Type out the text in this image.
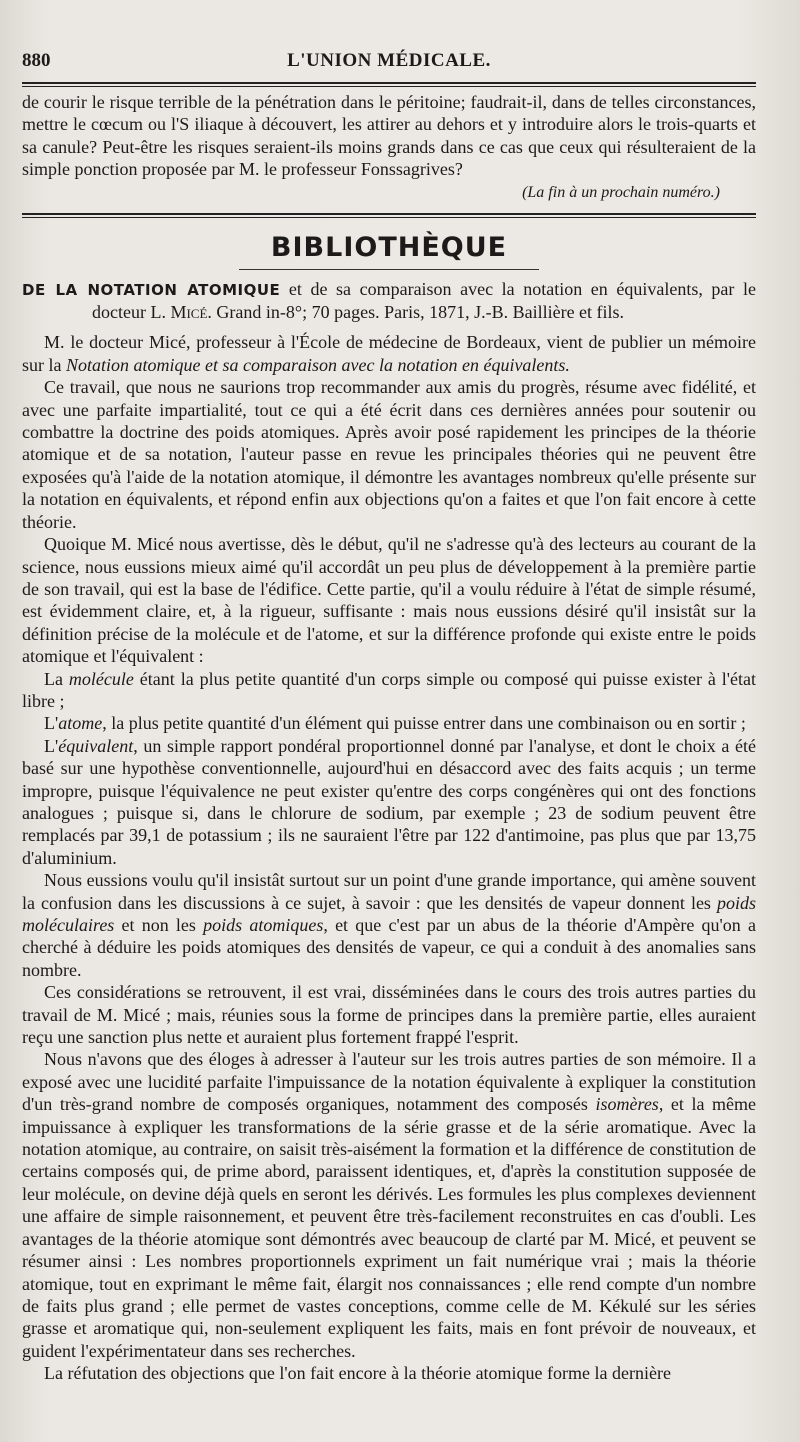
880	L'UNION MÉDICALE.

de courir le risque terrible de la pénétration dans le péritoine; faudrait-il, dans de telles circonstances, mettre le cœcum ou l'S iliaque à découvert, les attirer au dehors et y introduire alors le trois-quarts et sa canule? Peut-être les risques seraient-ils moins grands dans ce cas que ceux qui résulteraient de la simple ponction proposée par M. le professeur Fonssagrives?

(La fin à un prochain numéro.)
BIBLIOTHÈQUE
DE LA NOTATION ATOMIQUE et de sa comparaison avec la notation en équivalents, par le docteur L. Micé. Grand in-8°; 70 pages. Paris, 1871, J.-B. Baillière et fils.

M. le docteur Micé, professeur à l'École de médecine de Bordeaux, vient de publier un mémoire sur la Notation atomique et sa comparaison avec la notation en équivalents.

Ce travail, que nous ne saurions trop recommander aux amis du progrès, résume avec fidélité, et avec une parfaite impartialité, tout ce qui a été écrit dans ces dernières années pour soutenir ou combattre la doctrine des poids atomiques. Après avoir posé rapidement les principes de la théorie atomique et de sa notation, l'auteur passe en revue les principales théories qui ne peuvent être exposées qu'à l'aide de la notation atomique, il démontre les avantages nombreux qu'elle présente sur la notation en équivalents, et répond enfin aux objections qu'on a faites et que l'on fait encore à cette théorie.

Quoique M. Micé nous avertisse, dès le début, qu'il ne s'adresse qu'à des lecteurs au courant de la science, nous eussions mieux aimé qu'il accordât un peu plus de développement à la première partie de son travail, qui est la base de l'édifice. Cette partie, qu'il a voulu réduire à l'état de simple résumé, est évidemment claire, et, à la rigueur, suffisante : mais nous eussions désiré qu'il insistât sur la définition précise de la molécule et de l'atome, et sur la différence profonde qui existe entre le poids atomique et l'équivalent :

La molécule étant la plus petite quantité d'un corps simple ou composé qui puisse exister à l'état libre ;

L'atome, la plus petite quantité d'un élément qui puisse entrer dans une combinaison ou en sortir ;

L'équivalent, un simple rapport pondéral proportionnel donné par l'analyse, et dont le choix a été basé sur une hypothèse conventionnelle, aujourd'hui en désaccord avec des faits acquis ; un terme impropre, puisque l'équivalence ne peut exister qu'entre des corps congénères qui ont des fonctions analogues ; puisque si, dans le chlorure de sodium, par exemple ; 23 de sodium peuvent être remplacés par 39,1 de potassium ; ils ne sauraient l'être par 122 d'antimoine, pas plus que par 13,75 d'aluminium.

Nous eussions voulu qu'il insistât surtout sur un point d'une grande importance, qui amène souvent la confusion dans les discussions à ce sujet, à savoir : que les densités de vapeur donnent les poids moléculaires et non les poids atomiques, et que c'est par un abus de la théorie d'Ampère qu'on a cherché à déduire les poids atomiques des densités de vapeur, ce qui a conduit à des anomalies sans nombre.

Ces considérations se retrouvent, il est vrai, disséminées dans le cours des trois autres parties du travail de M. Micé ; mais, réunies sous la forme de principes dans la première partie, elles auraient reçu une sanction plus nette et auraient plus fortement frappé l'esprit.

Nous n'avons que des éloges à adresser à l'auteur sur les trois autres parties de son mémoire. Il a exposé avec une lucidité parfaite l'impuissance de la notation équivalente à expliquer la constitution d'un très-grand nombre de composés organiques, notamment des composés isomères, et la même impuissance à expliquer les transformations de la série grasse et de la série aromatique. Avec la notation atomique, au contraire, on saisit très-aisément la formation et la différence de constitution de certains composés qui, de prime abord, paraissent identiques, et, d'après la constitution supposée de leur molécule, on devine déjà quels en seront les dérivés. Les formules les plus complexes deviennent une affaire de simple raisonnement, et peuvent être très-facilement reconstruites en cas d'oubli. Les avantages de la théorie atomique sont démontrés avec beaucoup de clarté par M. Micé, et peuvent se résumer ainsi : Les nombres proportionnels expriment un fait numérique vrai ; mais la théorie atomique, tout en exprimant le même fait, élargit nos connaissances ; elle rend compte d'un nombre de faits plus grand ; elle permet de vastes conceptions, comme celle de M. Kékulé sur les séries grasse et aromatique qui, non-seulement expliquent les faits, mais en font prévoir de nouveaux, et guident l'expérimentateur dans ses recherches.

La réfutation des objections que l'on fait encore à la théorie atomique forme la dernière
